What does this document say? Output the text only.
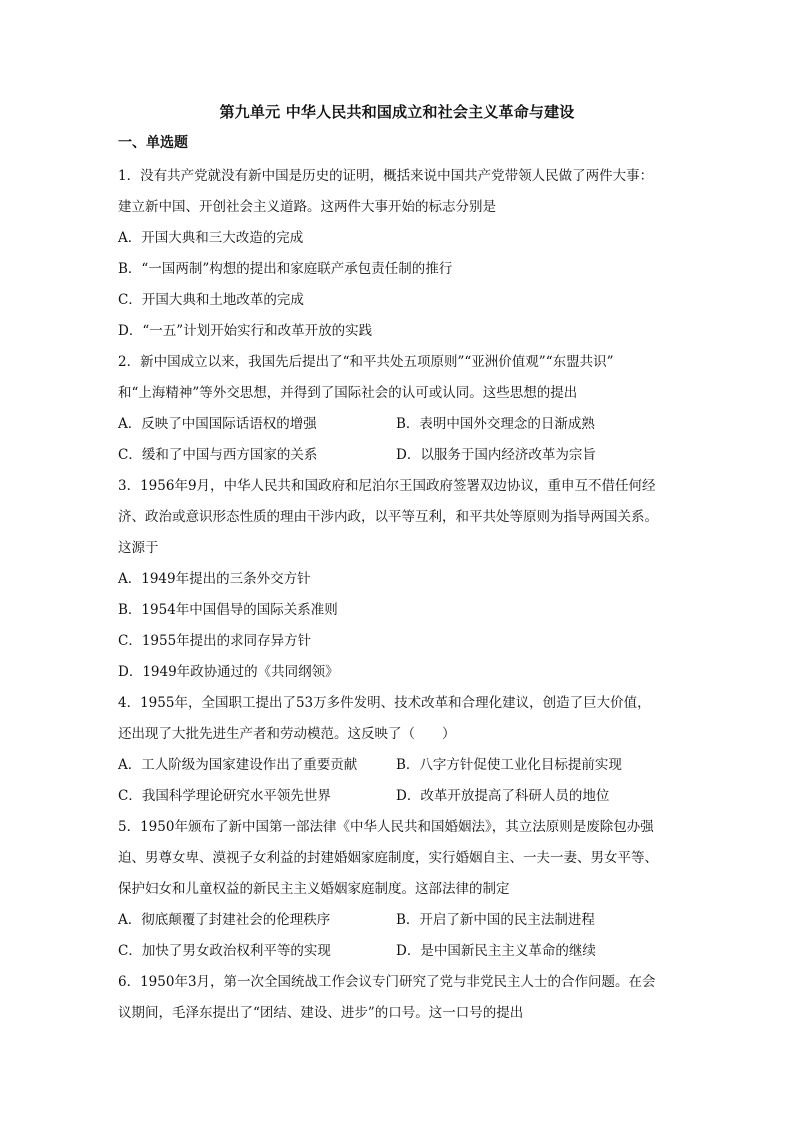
第九单元 中华人民共和国成立和社会主义革命与建设
一、单选题
1．没有共产党就没有新中国是历史的证明，概括来说中国共产党带领人民做了两件大事：
建立新中国、开创社会主义道路。这两件大事开始的标志分别是
A．开国大典和三大改造的完成
B．“一国两制”构想的提出和家庭联产承包责任制的推行
C．开国大典和土地改革的完成
D．“一五”计划开始实行和改革开放的实践
2．新中国成立以来，我国先后提出了“和平共处五项原则”“亚洲价值观”“东盟共识”
和“上海精神”等外交思想，并得到了国际社会的认可或认同。这些思想的提出
A．反映了中国国际话语权的增强	B．表明中国外交理念的日渐成熟
C．缓和了中国与西方国家的关系	D．以服务于国内经济改革为宗旨
3．1956年9月，中华人民共和国政府和尼泊尔王国政府签署双边协议，重申互不借任何经
济、政治或意识形态性质的理由干涉内政，以平等互利，和平共处等原则为指导两国关系。
这源于
A．1949年提出的三条外交方针
B．1954年中国倡导的国际关系准则
C．1955年提出的求同存异方针
D．1949年政协通过的《共同纲领》
4．1955年，全国职工提出了53万多件发明、技术改革和合理化建议，创造了巨大价值，
还出现了大批先进生产者和劳动模范。这反映了（　　）
A．工人阶级为国家建设作出了重要贡献	B．八字方针促使工业化目标提前实现
C．我国科学理论研究水平领先世界	D．改革开放提高了科研人员的地位
5．1950年颁布了新中国第一部法律《中华人民共和国婚姻法》，其立法原则是废除包办强
迫、男尊女卑、漠视子女利益的封建婚姻家庭制度，实行婚姻自主、一夫一妻、男女平等、
保护妇女和儿童权益的新民主主义婚姻家庭制度。这部法律的制定
A．彻底颠覆了封建社会的伦理秩序	B．开启了新中国的民主法制进程
C．加快了男女政治权利平等的实现	D．是中国新民主主义革命的继续
6．1950年3月，第一次全国统战工作会议专门研究了党与非党民主人士的合作问题。在会
议期间，毛泽东提出了“团结、建设、进步”的口号。这一口号的提出
